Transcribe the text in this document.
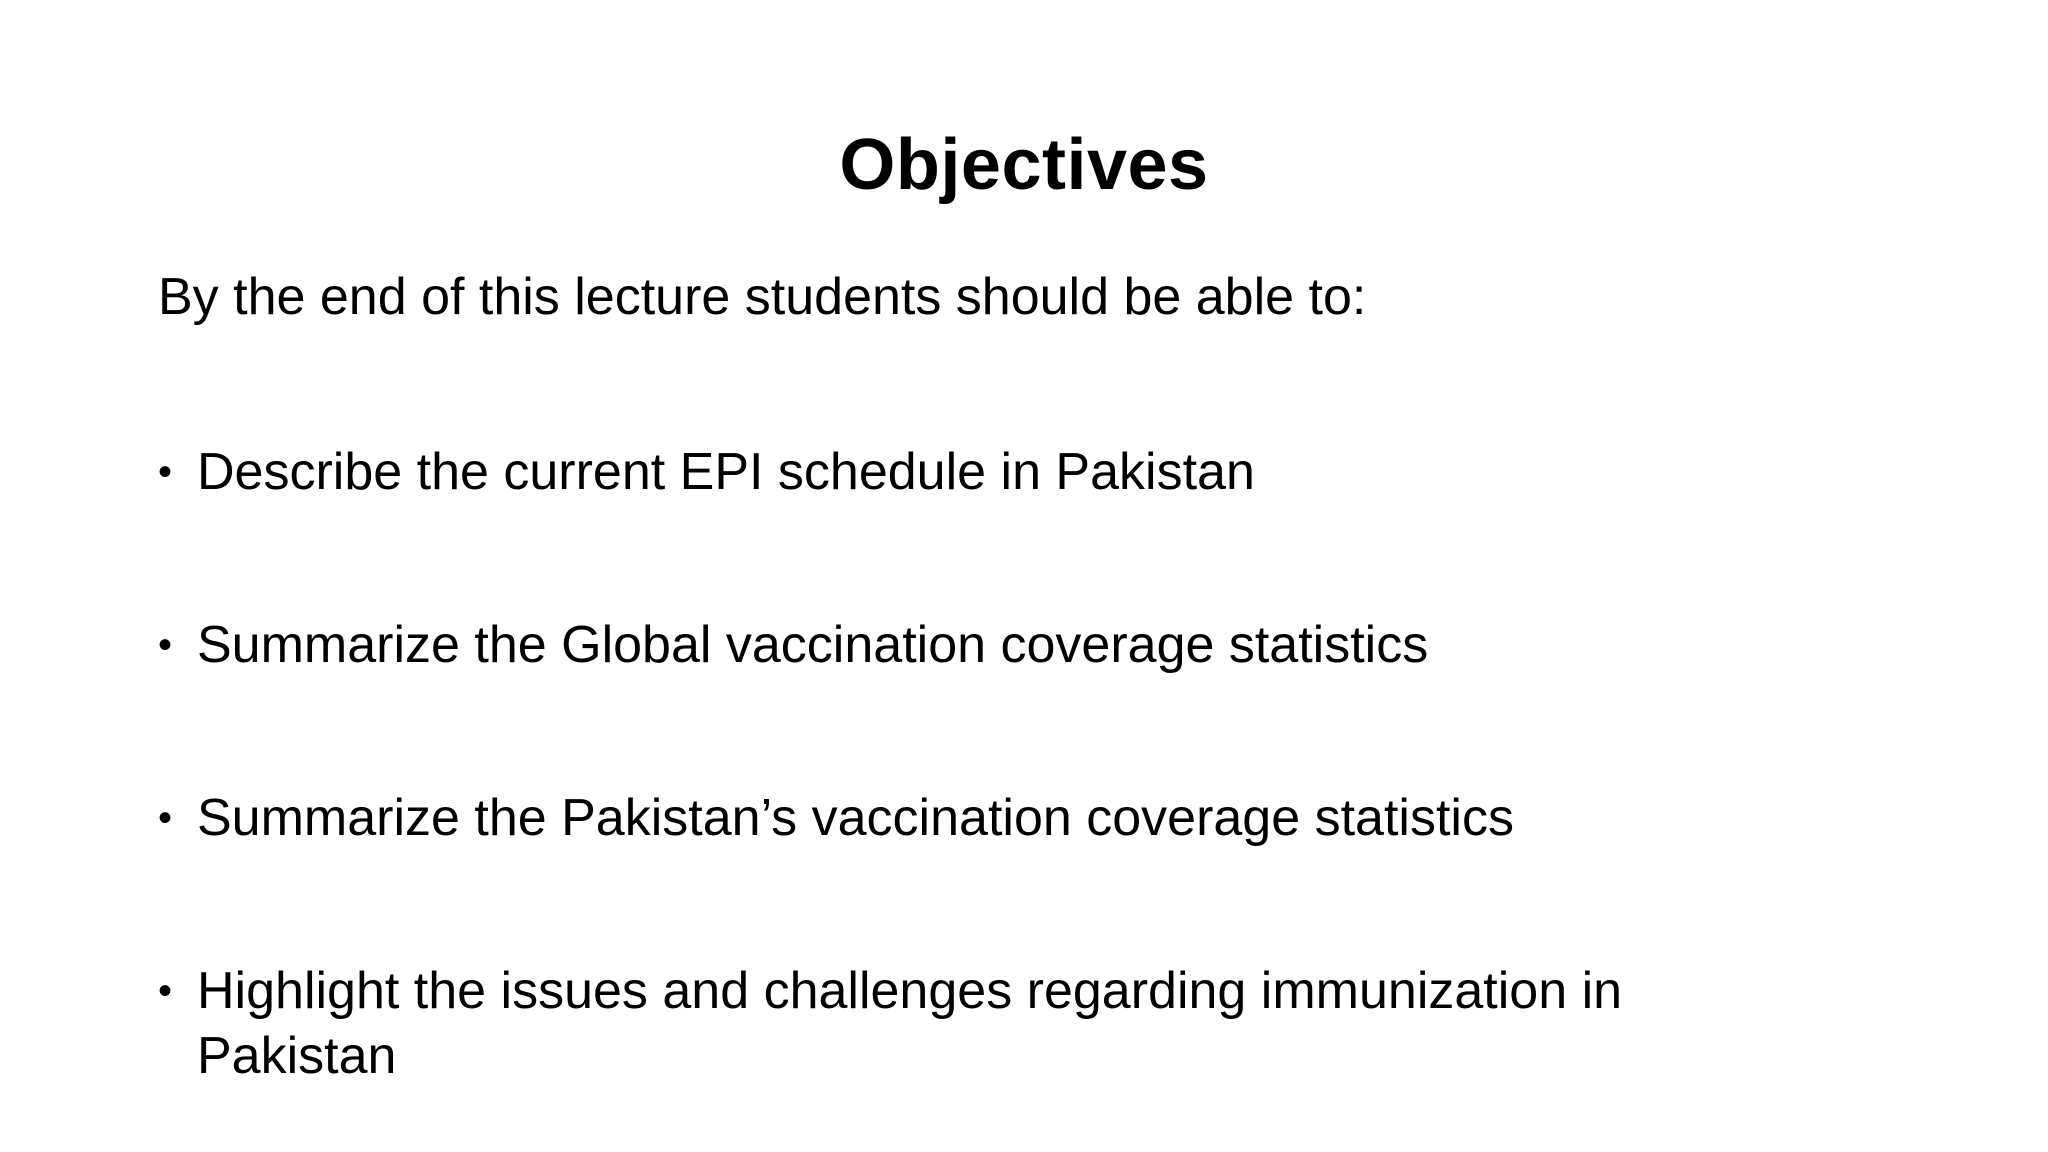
Objectives
By the end of this lecture students should be able to:
• Describe the current EPI schedule in Pakistan
• Summarize the Global vaccination coverage statistics
• Summarize the Pakistan’s vaccination coverage statistics
• Highlight the issues and challenges regarding immunization in Pakistan
